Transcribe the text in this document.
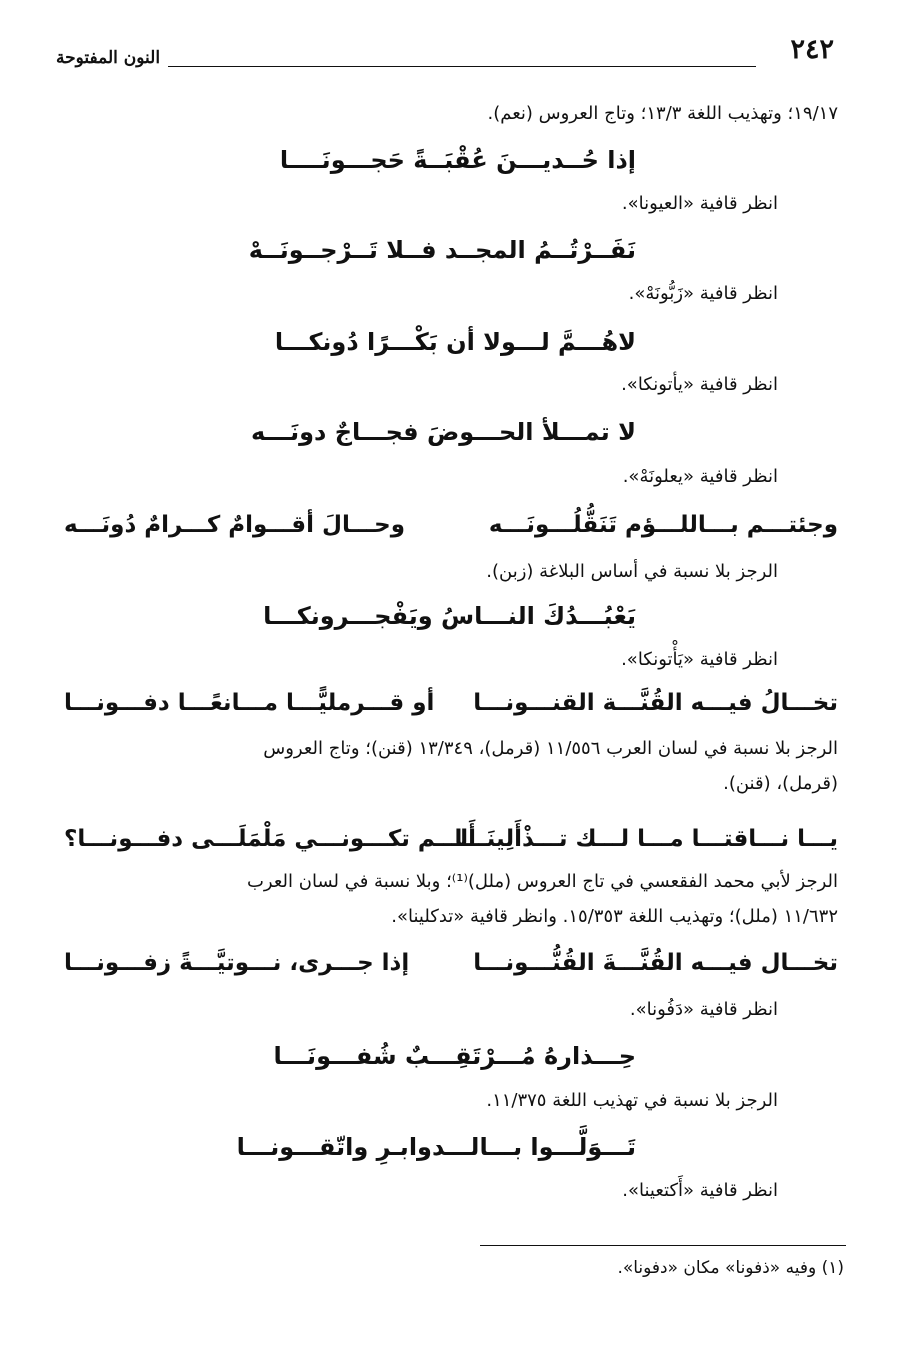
٢٤٢
النون المفتوحة
١٩/١٧؛ وتهذيب اللغة ١٣/٣؛ وتاج العروس (نعم).
إذا حُــديـــنَ عُقْبَــةً حَجـــونَــــا
انظر قافية «العيونا».
نَفَــرْتُــمُ المجــد فــلا تَــرْجــونَــهْ
انظر قافية «زَبُّونَهْ».
لاهُـــمَّ لـــولا أن بَكْـــرًا دُونكـــا
انظر قافية «يأتونكا».
لا تمـــلأ الحـــوضَ فجـــاجٌ دونَـــه
انظر قافية «يعلونَهْ».
وجئتـــم بـــاللـــؤم تَنَقُّلُـــونَـــه
وحـــالَ أقـــوامٌ كـــرامٌ دُونَـــه
الرجز بلا نسبة في أساس البلاغة (زبن).
يَعْبُـــدُكَ النـــاسُ ويَفْجـــرونكـــا
انظر قافية «يَأْتونكا».
تخـــالُ فيـــه القُنَّـــة القنـــونـــا
أو قـــرمليًّـــا مـــانعًـــا دفـــونـــا
الرجز بلا نسبة في لسان العرب ١١/٥٥٦ (قرمل)، ١٣/٣٤٩ (قنن)؛ وتاج العروس
(قرمل)، (قنن).
يـــا نـــاقتـــا مـــا لـــك تـــذْأَلِينَـــا
أَلـــم تكـــونـــي مَلْمَلَـــى دفـــونـــا؟
الرجز لأبي محمد الفقعسي في تاج العروس (ملل)⁽¹⁾؛ وبلا نسبة في لسان العرب
١١/٦٣٢ (ملل)؛ وتهذيب اللغة ١٥/٣٥٣. وانظر قافية «تدكلينا».
تخـــال فيـــه القُنَّـــةَ القُنُّـــونـــا
إذا جـــرى، نـــوتيَّـــةً زفـــونـــا
انظر قافية «دَفُونا».
حِـــذارهُ مُـــرْتَقِـــبٌ شُفـــونَـــا
الرجز بلا نسبة في تهذيب اللغة ١١/٣٧٥.
تَـــوَلَّـــوا بـــالـــدوابـرِ واتّقـــونـــا
انظر قافية «أَكتعينا».
(١) وفيه «ذفونا» مكان «دفونا».
